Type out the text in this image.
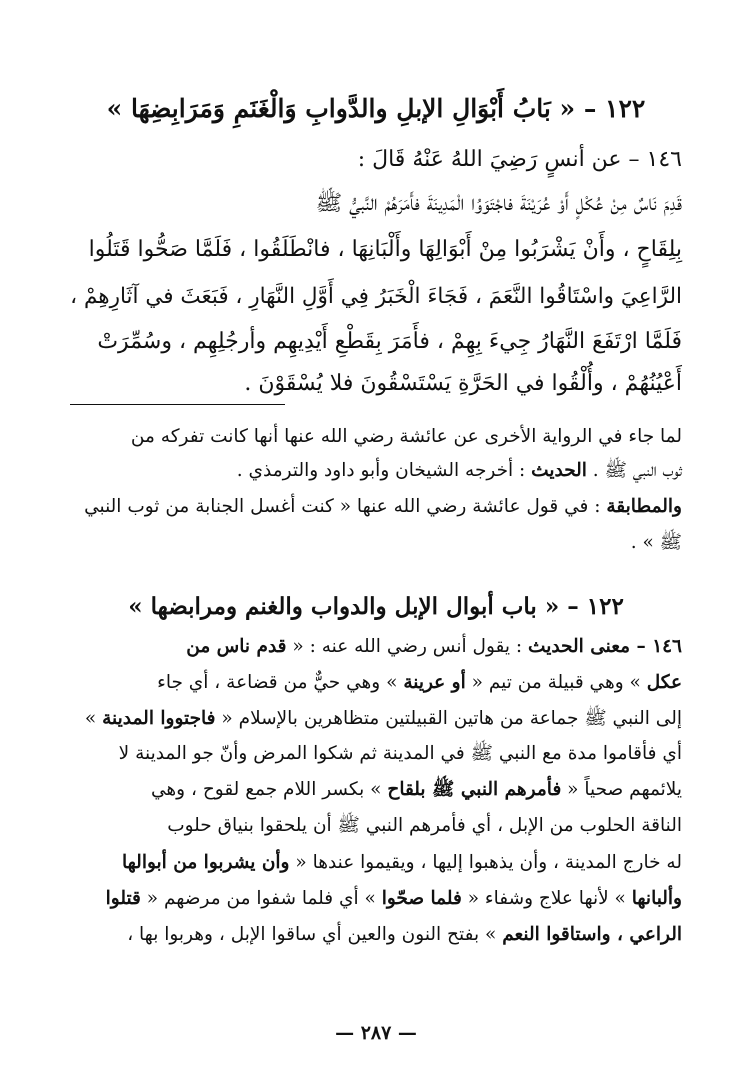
١٢٢ – « بَابُ أَبْوَالِ الإبلِ والدَّوابِ وَالْغَنَمِ وَمَرَابِضِهَا »
١٤٦ – عن أنسٍ رَضِيَ اللهُ عَنْهُ قَالَ :
قَدِمَ نَاسٌ مِنْ عُكْلٍ أَوْ عُرَيْنَةَ فاجْتَوَوُا الْمَدِينَةَ فأَمَرَهُمْ النَّبيُّ ﷺ
بِلِقَاحٍ ، وأَنْ يَشْرَبُوا مِنْ أَبْوَالِهَا وأَلْبَانِهَا ، فانْطَلَقُوا ، فَلَمَّا صَحُّوا قَتَلُوا
الرَّاعِيَ واسْتَاقُوا النَّعَمَ ، فَجَاءَ الْخَبَرُ فِي أَوَّلِ النَّهَارِ ، فَبَعَثَ في آثَارِهِمْ ،
فَلَمَّا ارْتَفَعَ النَّهَارُ جِيءَ بِهِمْ ، فأَمَرَ بِقَطْعِ أَيْدِيهِم وأرجُلِهِم ، وسُمِّرَتْ
أَعْيُنُهُمْ ، وأُلْقُوا في الحَرَّةِ يَسْتَسْقُونَ فلا يُسْقَوْنَ .
لما جاء في الرواية الأخرى عن عائشة رضي الله عنها أنها كانت تفركه من
ثوب النبي ﷺ . الحديث : أخرجه الشيخان وأبو داود والترمذي .
والمطابقة : في قول عائشة رضي الله عنها « كنت أغسل الجنابة من ثوب النبي
ﷺ » .
١٢٢ – « باب أبوال الإبل والدواب والغنم ومرابضها »
١٤٦ – معنى الحديث : يقول أنس رضي الله عنه : « قدم ناس من
عكل » وهي قبيلة من تيم « أو عرينة » وهي حيٌّ من قضاعة ، أي جاء
إلى النبي ﷺ جماعة من هاتين القبيلتين متظاهرين بالإسلام « فاجتووا المدينة »
أي فأقاموا مدة مع النبي ﷺ في المدينة ثم شكوا المرض وأنّ جو المدينة لا
يلائمهم صحياً « فأمرهم النبي ﷺ بلقاح » بكسر اللام جمع لقوح ، وهي
الناقة الحلوب من الإبل ، أي فأمرهم النبي ﷺ أن يلحقوا بنياق حلوب
له خارج المدينة ، وأن يذهبوا إليها ، ويقيموا عندها « وأن يشربوا من أبوالها
وألبانها » لأنها علاج وشفاء « فلما صحّوا » أي فلما شفوا من مرضهم « قتلوا
الراعي ، واستاقوا النعم » بفتح النون والعين أي ساقوا الإبل ، وهربوا بها ،
— ٢٨٧ —
